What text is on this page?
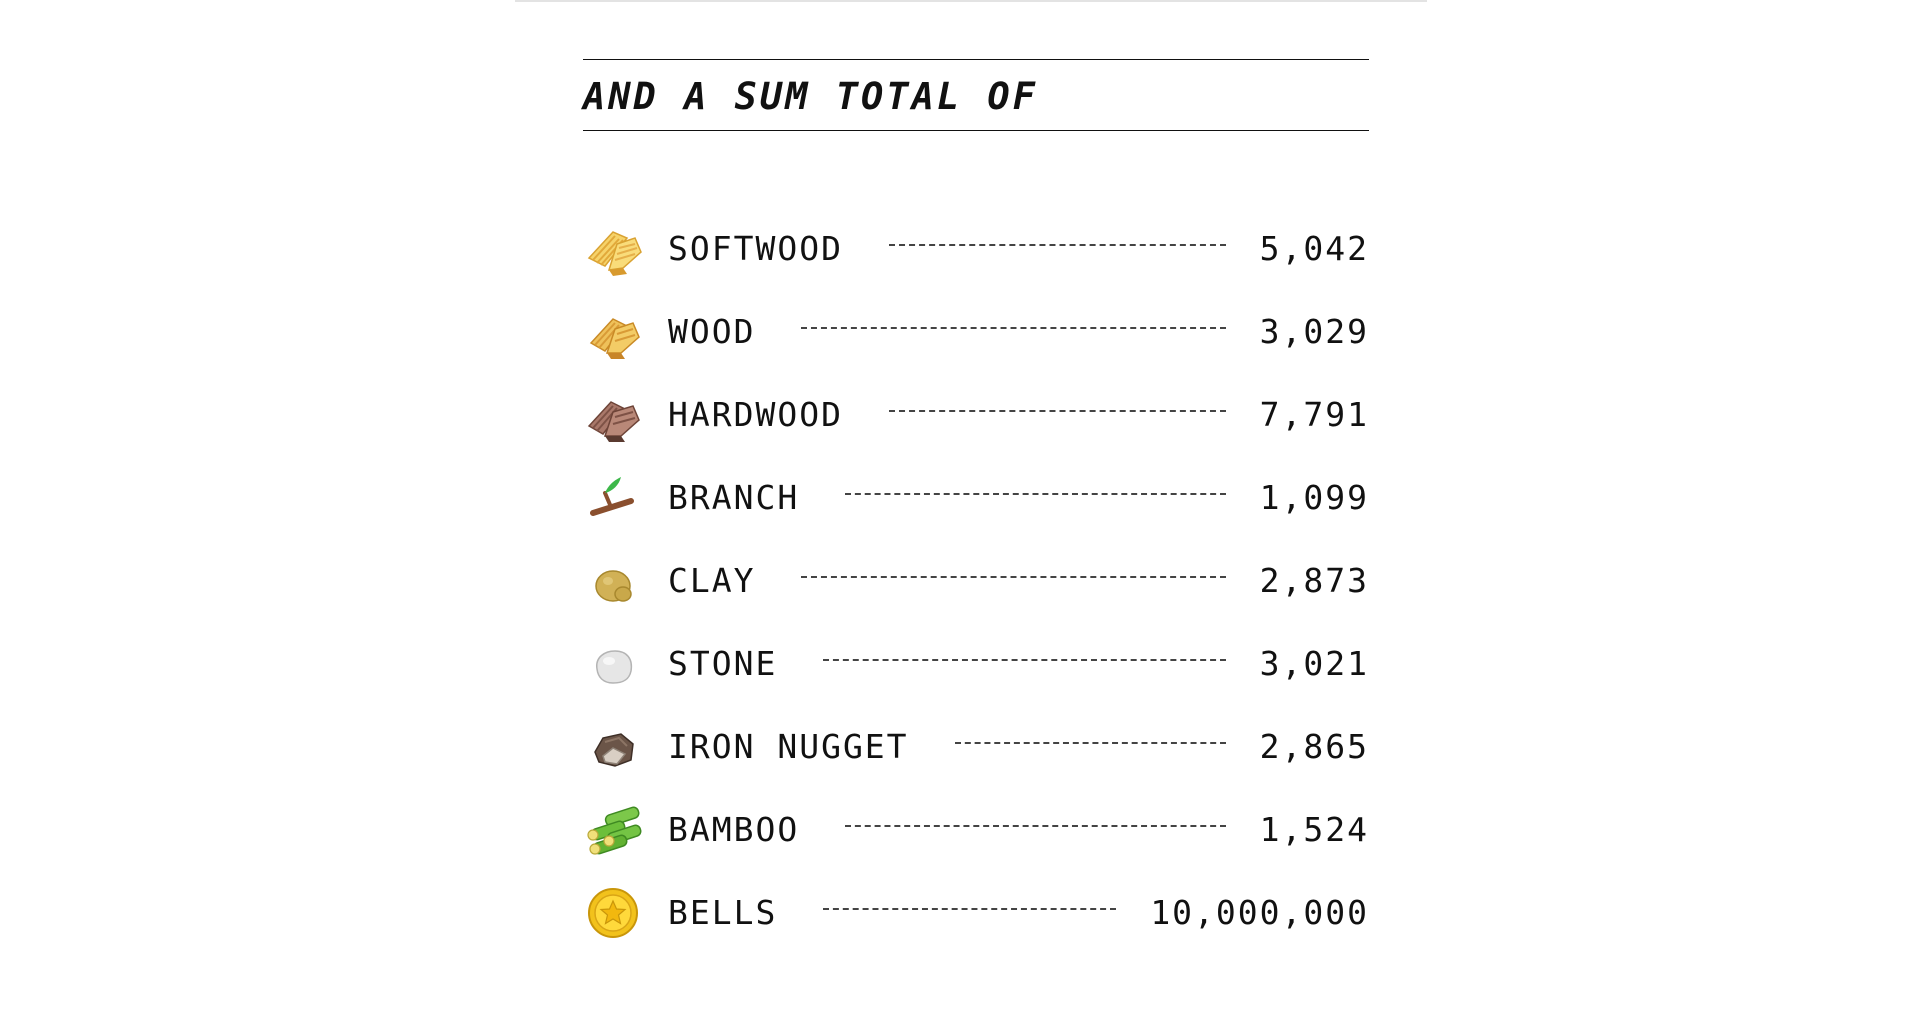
AND A SUM TOTAL OF
SOFTWOOD	5,042
WOOD	3,029
HARDWOOD	7,791
BRANCH	1,099
CLAY	2,873
STONE	3,021
IRON NUGGET	2,865
BAMBOO	1,524
BELLS	10,000,000
